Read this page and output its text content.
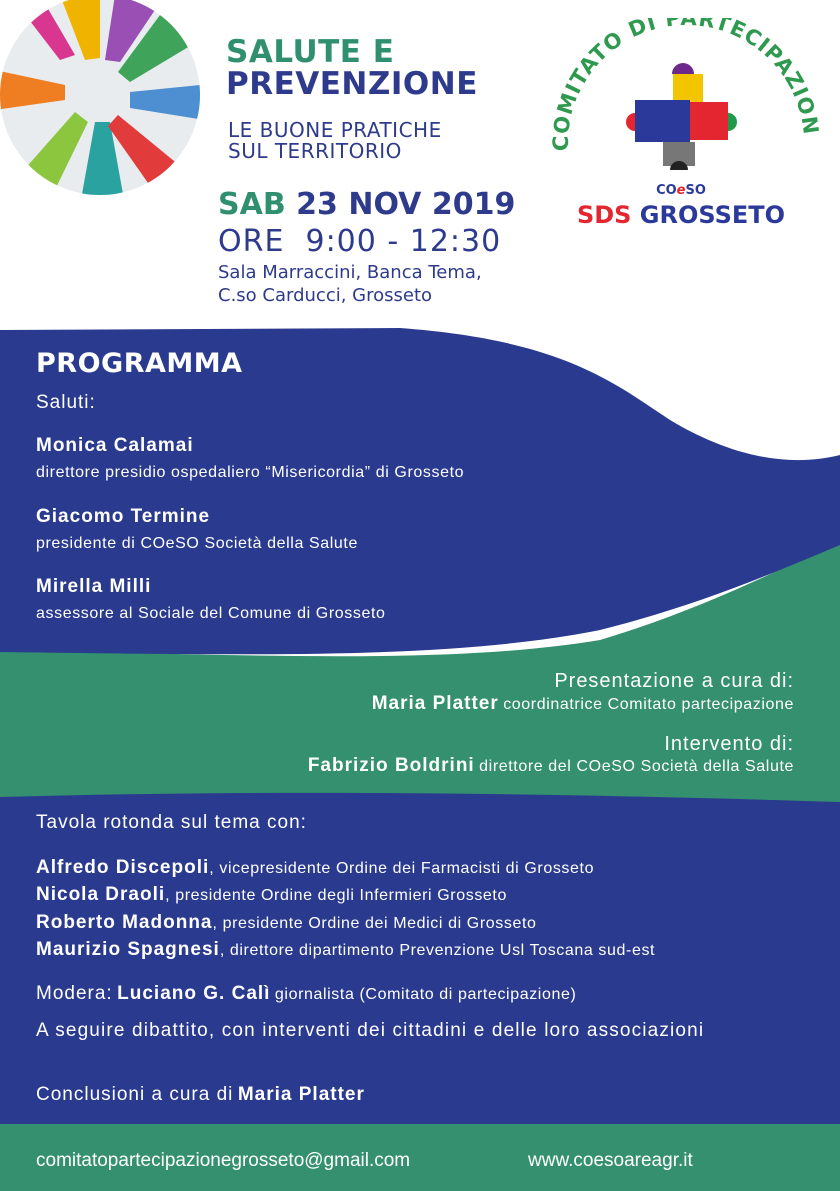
SALUTE E
PREVENZIONE
LE BUONE PRATICHE
SUL TERRITORIO
SAB 23 NOV 2019
ORE  9:00 - 12:30
Sala Marraccini, Banca Tema,
C.so Carducci, Grosseto
COMITATO DI PARTECIPAZION
COeSO
SDS GROSSETO
PROGRAMMA
Saluti:
Monica Calamai
direttore presidio ospedaliero “Misericordia” di Grosseto
Giacomo Termine
presidente di COeSO Società della Salute
Mirella Milli
assessore al Sociale del Comune di Grosseto
Presentazione a cura di:
Maria Platter coordinatrice Comitato partecipazione
Intervento di:
Fabrizio Boldrini direttore del COeSO Società della Salute
Tavola rotonda sul tema con:
Alfredo Discepoli, vicepresidente Ordine dei Farmacisti di Grosseto
Nicola Draoli, presidente Ordine degli Infermieri Grosseto
Roberto Madonna, presidente Ordine dei Medici di Grosseto
Maurizio Spagnesi, direttore dipartimento Prevenzione Usl Toscana sud-est
Modera: Luciano G. Calì giornalista (Comitato di partecipazione)
A seguire dibattito, con interventi dei cittadini e delle loro associazioni
Conclusioni a cura di Maria Platter
comitatopartecipazionegrosseto@gmail.com	www.coesoareagr.it
